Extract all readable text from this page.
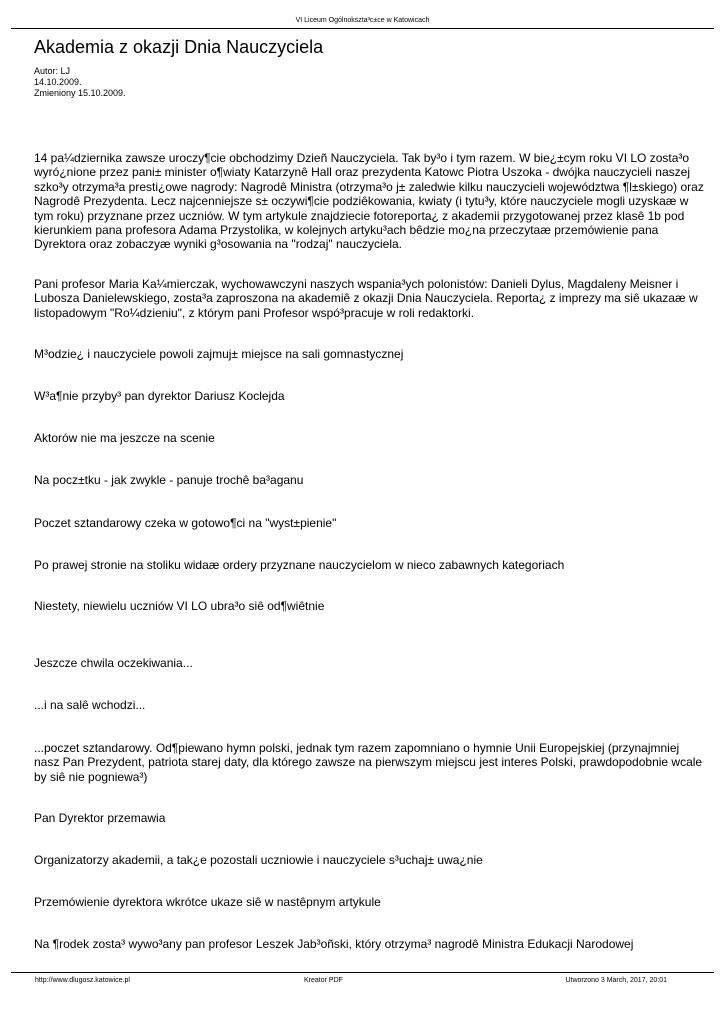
VI Liceum Ogólnokszta³c±ce w Katowicach
Akademia z okazji Dnia Nauczyciela
Autor: LJ
14.10.2009.
Zmieniony 15.10.2009.

14 pa¼dziernika zawsze uroczy¶cie obchodzimy Dzieñ Nauczyciela. Tak by³o i tym razem. W bie¿±cym roku VI LO zosta³o wyró¿nione przez pani± minister o¶wiaty Katarzynê Hall oraz prezydenta Katowc Piotra Uszoka - dwójka nauczycieli naszej szko³y otrzyma³a presti¿owe nagrody: Nagrodê Ministra (otrzyma³o j± zaledwie kilku nauczycieli województwa ¶l±skiego) oraz Nagrodê Prezydenta. Lecz najcenniejsze s± oczywi¶cie podziêkowania, kwiaty (i tytu³y, które nauczyciele mogli uzyskaæ w tym roku) przyznane przez uczniów. W tym artykule znajdziecie fotoreporta¿ z akademii przygotowanej przez klasê 1b pod kierunkiem pana profesora Adama Przystolika, w kolejnych artyku³ach bêdzie mo¿na przeczytaæ przemówienie pana Dyrektora oraz zobaczyæ wyniki g³osowania na "rodzaj" nauczyciela.

Pani profesor Maria Ka¼mierczak, wychowawczyni naszych wspania³ych polonistów: Danieli Dylus, Magdaleny Meisner i Lubosza Danielewskiego, zosta³a zaproszona na akademiê z okazji Dnia Nauczyciela. Reporta¿ z imprezy ma siê ukazaæ w listopadowym "Ro¼dzieniu", z którym pani Profesor wspó³pracuje w roli redaktorki.

M³odzie¿ i nauczyciele powoli zajmuj± miejsce na sali gomnastycznej

W³a¶nie przyby³ pan dyrektor Dariusz Koclejda

Aktorów nie ma jeszcze na scenie

Na pocz±tku - jak zwykle - panuje trochê ba³aganu

Poczet sztandarowy czeka w gotowo¶ci na "wyst±pienie"

Po prawej stronie na stoliku widaæ ordery przyznane nauczycielom w nieco zabawnych kategoriach

Niestety, niewielu uczniów VI LO ubra³o siê od¶wiêtnie

Jeszcze chwila oczekiwania...

...i na salê wchodzi...

...poczet sztandarowy. Od¶piewano hymn polski, jednak tym razem zapomniano o hymnie Unii Europejskiej (przynajmniej nasz Pan Prezydent, patriota starej daty, dla którego zawsze na pierwszym miejscu jest interes Polski, prawdopodobnie wcale by siê nie pogniewa³)

Pan Dyrektor przemawia

Organizatorzy akademii, a tak¿e pozostali uczniowie i nauczyciele s³uchaj± uwa¿nie

Przemówienie dyrektora wkrótce ukaze siê w nastêpnym artykule

Na ¶rodek zosta³ wywo³any pan profesor Leszek Jab³oñski, który otrzyma³ nagrodê Ministra Edukacji Narodowej

http://www.dlugosz.katowice.pl	Kreator PDF	Utworzono 3 March, 2017, 20:01
